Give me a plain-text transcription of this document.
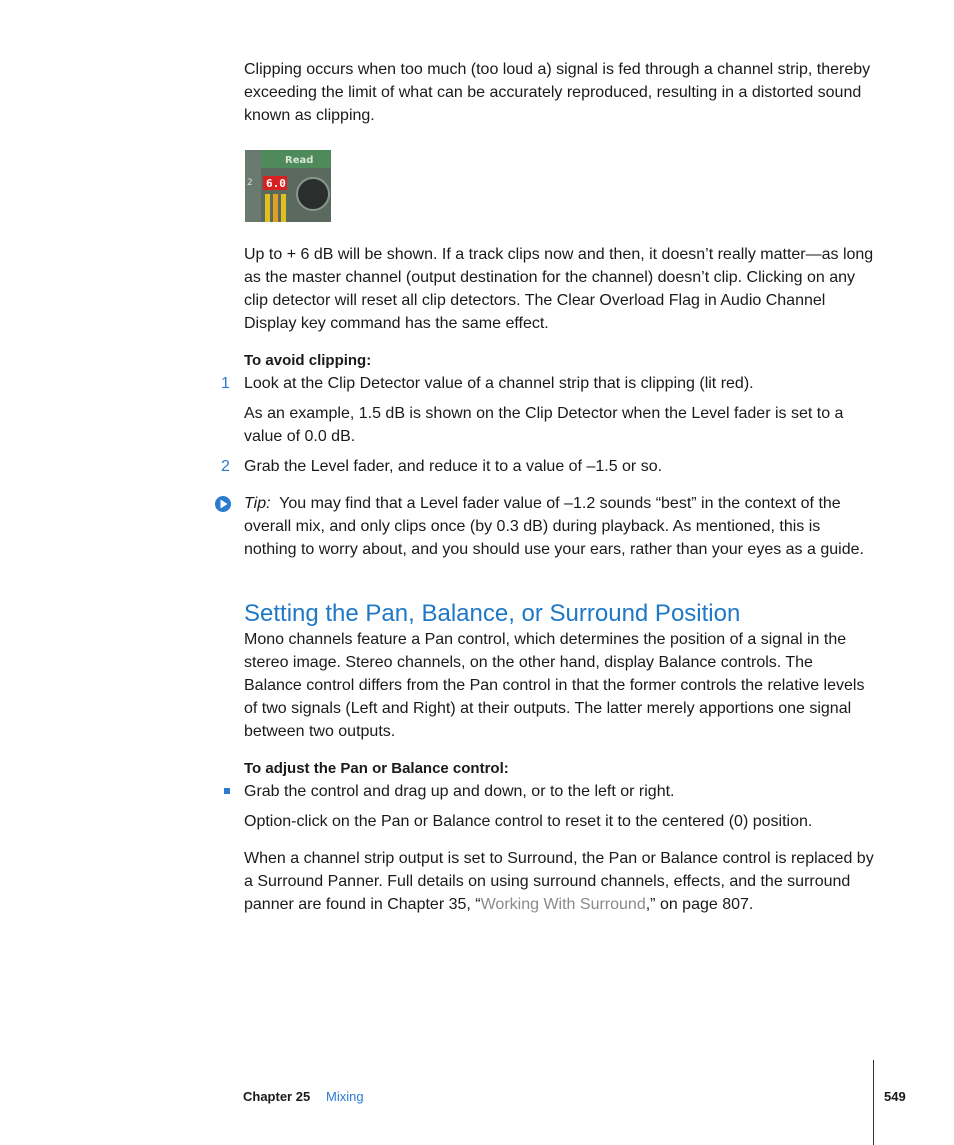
Clipping occurs when too much (too loud a) signal is fed through a channel strip, thereby exceeding the limit of what can be accurately reproduced, resulting in a distorted sound known as clipping.

Read
6.0
2

Up to + 6 dB will be shown. If a track clips now and then, it doesn’t really matter—as long as the master channel (output destination for the channel) doesn’t clip. Clicking on any clip detector will reset all clip detectors. The Clear Overload Flag in Audio Channel Display key command has the same effect.

To avoid clipping:

1 Look at the Clip Detector value of a channel strip that is clipping (lit red).

As an example, 1.5 dB is shown on the Clip Detector when the Level fader is set to a value of 0.0 dB.

2 Grab the Level fader, and reduce it to a value of –1.5 or so.

Tip: You may find that a Level fader value of –1.2 sounds “best” in the context of the overall mix, and only clips once (by 0.3 dB) during playback. As mentioned, this is nothing to worry about, and you should use your ears, rather than your eyes as a guide.

Setting the Pan, Balance, or Surround Position

Mono channels feature a Pan control, which determines the position of a signal in the stereo image. Stereo channels, on the other hand, display Balance controls. The Balance control differs from the Pan control in that the former controls the relative levels of two signals (Left and Right) at their outputs. The latter merely apportions one signal between two outputs.

To adjust the Pan or Balance control:

Grab the control and drag up and down, or to the left or right.

Option-click on the Pan or Balance control to reset it to the centered (0) position.

When a channel strip output is set to Surround, the Pan or Balance control is replaced by a Surround Panner. Full details on using surround channels, effects, and the surround panner are found in Chapter 35, “Working With Surround,” on page 807.

Chapter 25 Mixing	549
